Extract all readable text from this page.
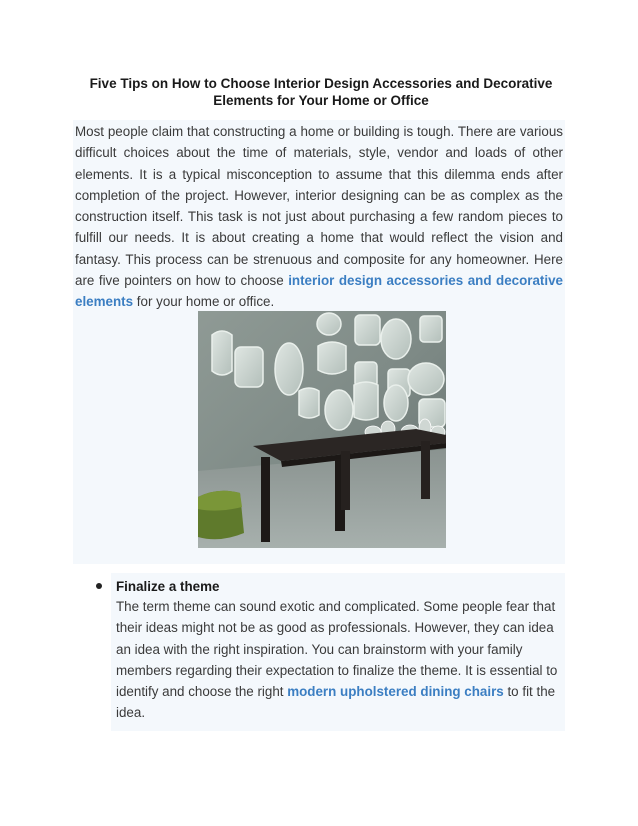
Five Tips on How to Choose Interior Design Accessories and Decorative Elements for Your Home or Office

Most people claim that constructing a home or building is tough. There are various difficult choices about the time of materials, style, vendor and loads of other elements. It is a typical misconception to assume that this dilemma ends after completion of the project. However, interior designing can be as complex as the construction itself. This task is not just about purchasing a few random pieces to fulfill our needs. It is about creating a home that would reflect the vision and fantasy. This process can be strenuous and composite for any homeowner. Here are five pointers on how to choose interior design accessories and decorative elements for your home or office.

Finalize a theme

The term theme can sound exotic and complicated. Some people fear that their ideas might not be as good as professionals. However, they can idea an idea with the right inspiration. You can brainstorm with your family members regarding their expectation to finalize the theme. It is essential to identify and choose the right modern upholstered dining chairs to fit the idea.
